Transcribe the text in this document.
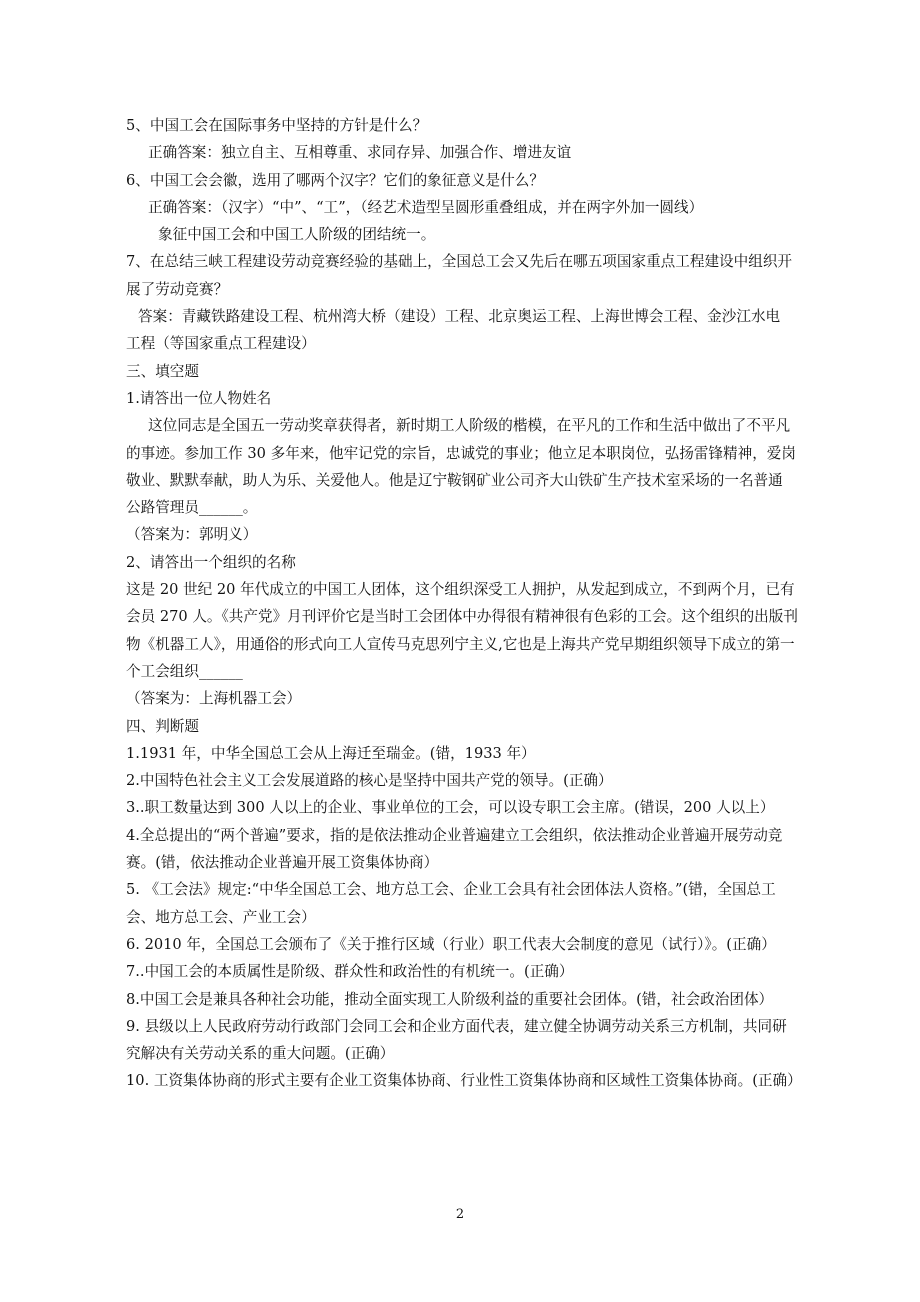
5、中国工会在国际事务中坚持的方针是什么？
正确答案：独立自主、互相尊重、求同存异、加强合作、增进友谊
6、中国工会会徽，选用了哪两个汉字？它们的象征意义是什么？
正确答案：（汉字）“中”、“工”，（经艺术造型呈圆形重叠组成，并在两字外加一圆线）
象征中国工会和中国工人阶级的团结统一。
7、在总结三峡工程建设劳动竞赛经验的基础上，全国总工会又先后在哪五项国家重点工程建设中组织开
展了劳动竞赛？
答案：青藏铁路建设工程、杭州湾大桥（建设）工程、北京奥运工程、上海世博会工程、金沙江水电
工程（等国家重点工程建设）
三、填空题
1.请答出一位人物姓名
这位同志是全国五一劳动奖章获得者，新时期工人阶级的楷模，在平凡的工作和生活中做出了不平凡
的事迹。参加工作 30 多年来，他牢记党的宗旨，忠诚党的事业；他立足本职岗位，弘扬雷锋精神，爱岗
敬业、默默奉献，助人为乐、关爱他人。他是辽宁鞍钢矿业公司齐大山铁矿生产技术室采场的一名普通
公路管理员______。
（答案为：郭明义）
2、请答出一个组织的名称
这是 20 世纪 20 年代成立的中国工人团体，这个组织深受工人拥护，从发起到成立，不到两个月，已有
会员 270 人。《共产党》月刊评价它是当时工会团体中办得很有精神很有色彩的工会。这个组织的出版刊
物《机器工人》，用通俗的形式向工人宣传马克思列宁主义,它也是上海共产党早期组织领导下成立的第一
个工会组织______
（答案为：上海机器工会）
四、判断题
1.1931 年，中华全国总工会从上海迁至瑞金。(错，1933 年）
2.中国特色社会主义工会发展道路的核心是坚持中国共产党的领导。(正确）
3..职工数量达到 300 人以上的企业、事业单位的工会，可以设专职工会主席。(错误，200 人以上）
4.全总提出的“两个普遍”要求，指的是依法推动企业普遍建立工会组织，依法推动企业普遍开展劳动竞
赛。(错，依法推动企业普遍开展工资集体协商）
5. 《工会法》规定:“中华全国总工会、地方总工会、企业工会具有社会团体法人资格。”(错，全国总工
会、地方总工会、产业工会）
6. 2010 年，全国总工会颁布了《关于推行区域（行业）职工代表大会制度的意见（试行）》。(正确）
7..中国工会的本质属性是阶级、群众性和政治性的有机统一。(正确）
8.中国工会是兼具各种社会功能，推动全面实现工人阶级利益的重要社会团体。(错，社会政治团体）
9. 县级以上人民政府劳动行政部门会同工会和企业方面代表，建立健全协调劳动关系三方机制，共同研
究解决有关劳动关系的重大问题。(正确）
10. 工资集体协商的形式主要有企业工资集体协商、行业性工资集体协商和区域性工资集体协商。(正确）
2
